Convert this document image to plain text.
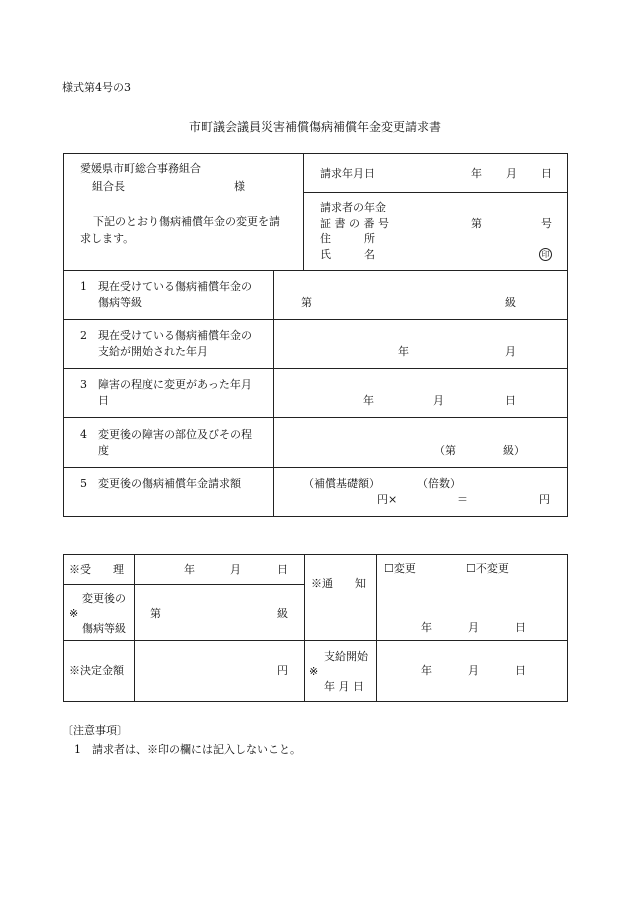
様式第4号の3
市町議会議員災害補償傷病補償年金変更請求書
愛媛県市町総合事務組合
組合長	様
下記のとおり傷病補償年金の変更を請
求します。
請求年月日	年 月 日
請求者の年金
証 書 の 番 号	第	号
住　　　所
氏　　　名	印
1 現在受けている傷病補償年金の
傷病等級	第	級
2 現在受けている傷病補償年金の
支給が開始された年月	年	月
3 障害の程度に変更があった年月
日	年	月	日
4 変更後の障害の部位及びその程
度	（第	級）
5 変更後の傷病補償年金請求額	（補償基礎額）	（倍数）
円×	＝	円
※受　　理	年	月	日
※通　　知
☐変更	☐不変更
年	月	日
変更後の
※
傷病等級
第	級
※決定金額	円
支給開始
※
年 月 日
年	月	日
〔注意事項〕
1　請求者は、※印の欄には記入しないこと。
